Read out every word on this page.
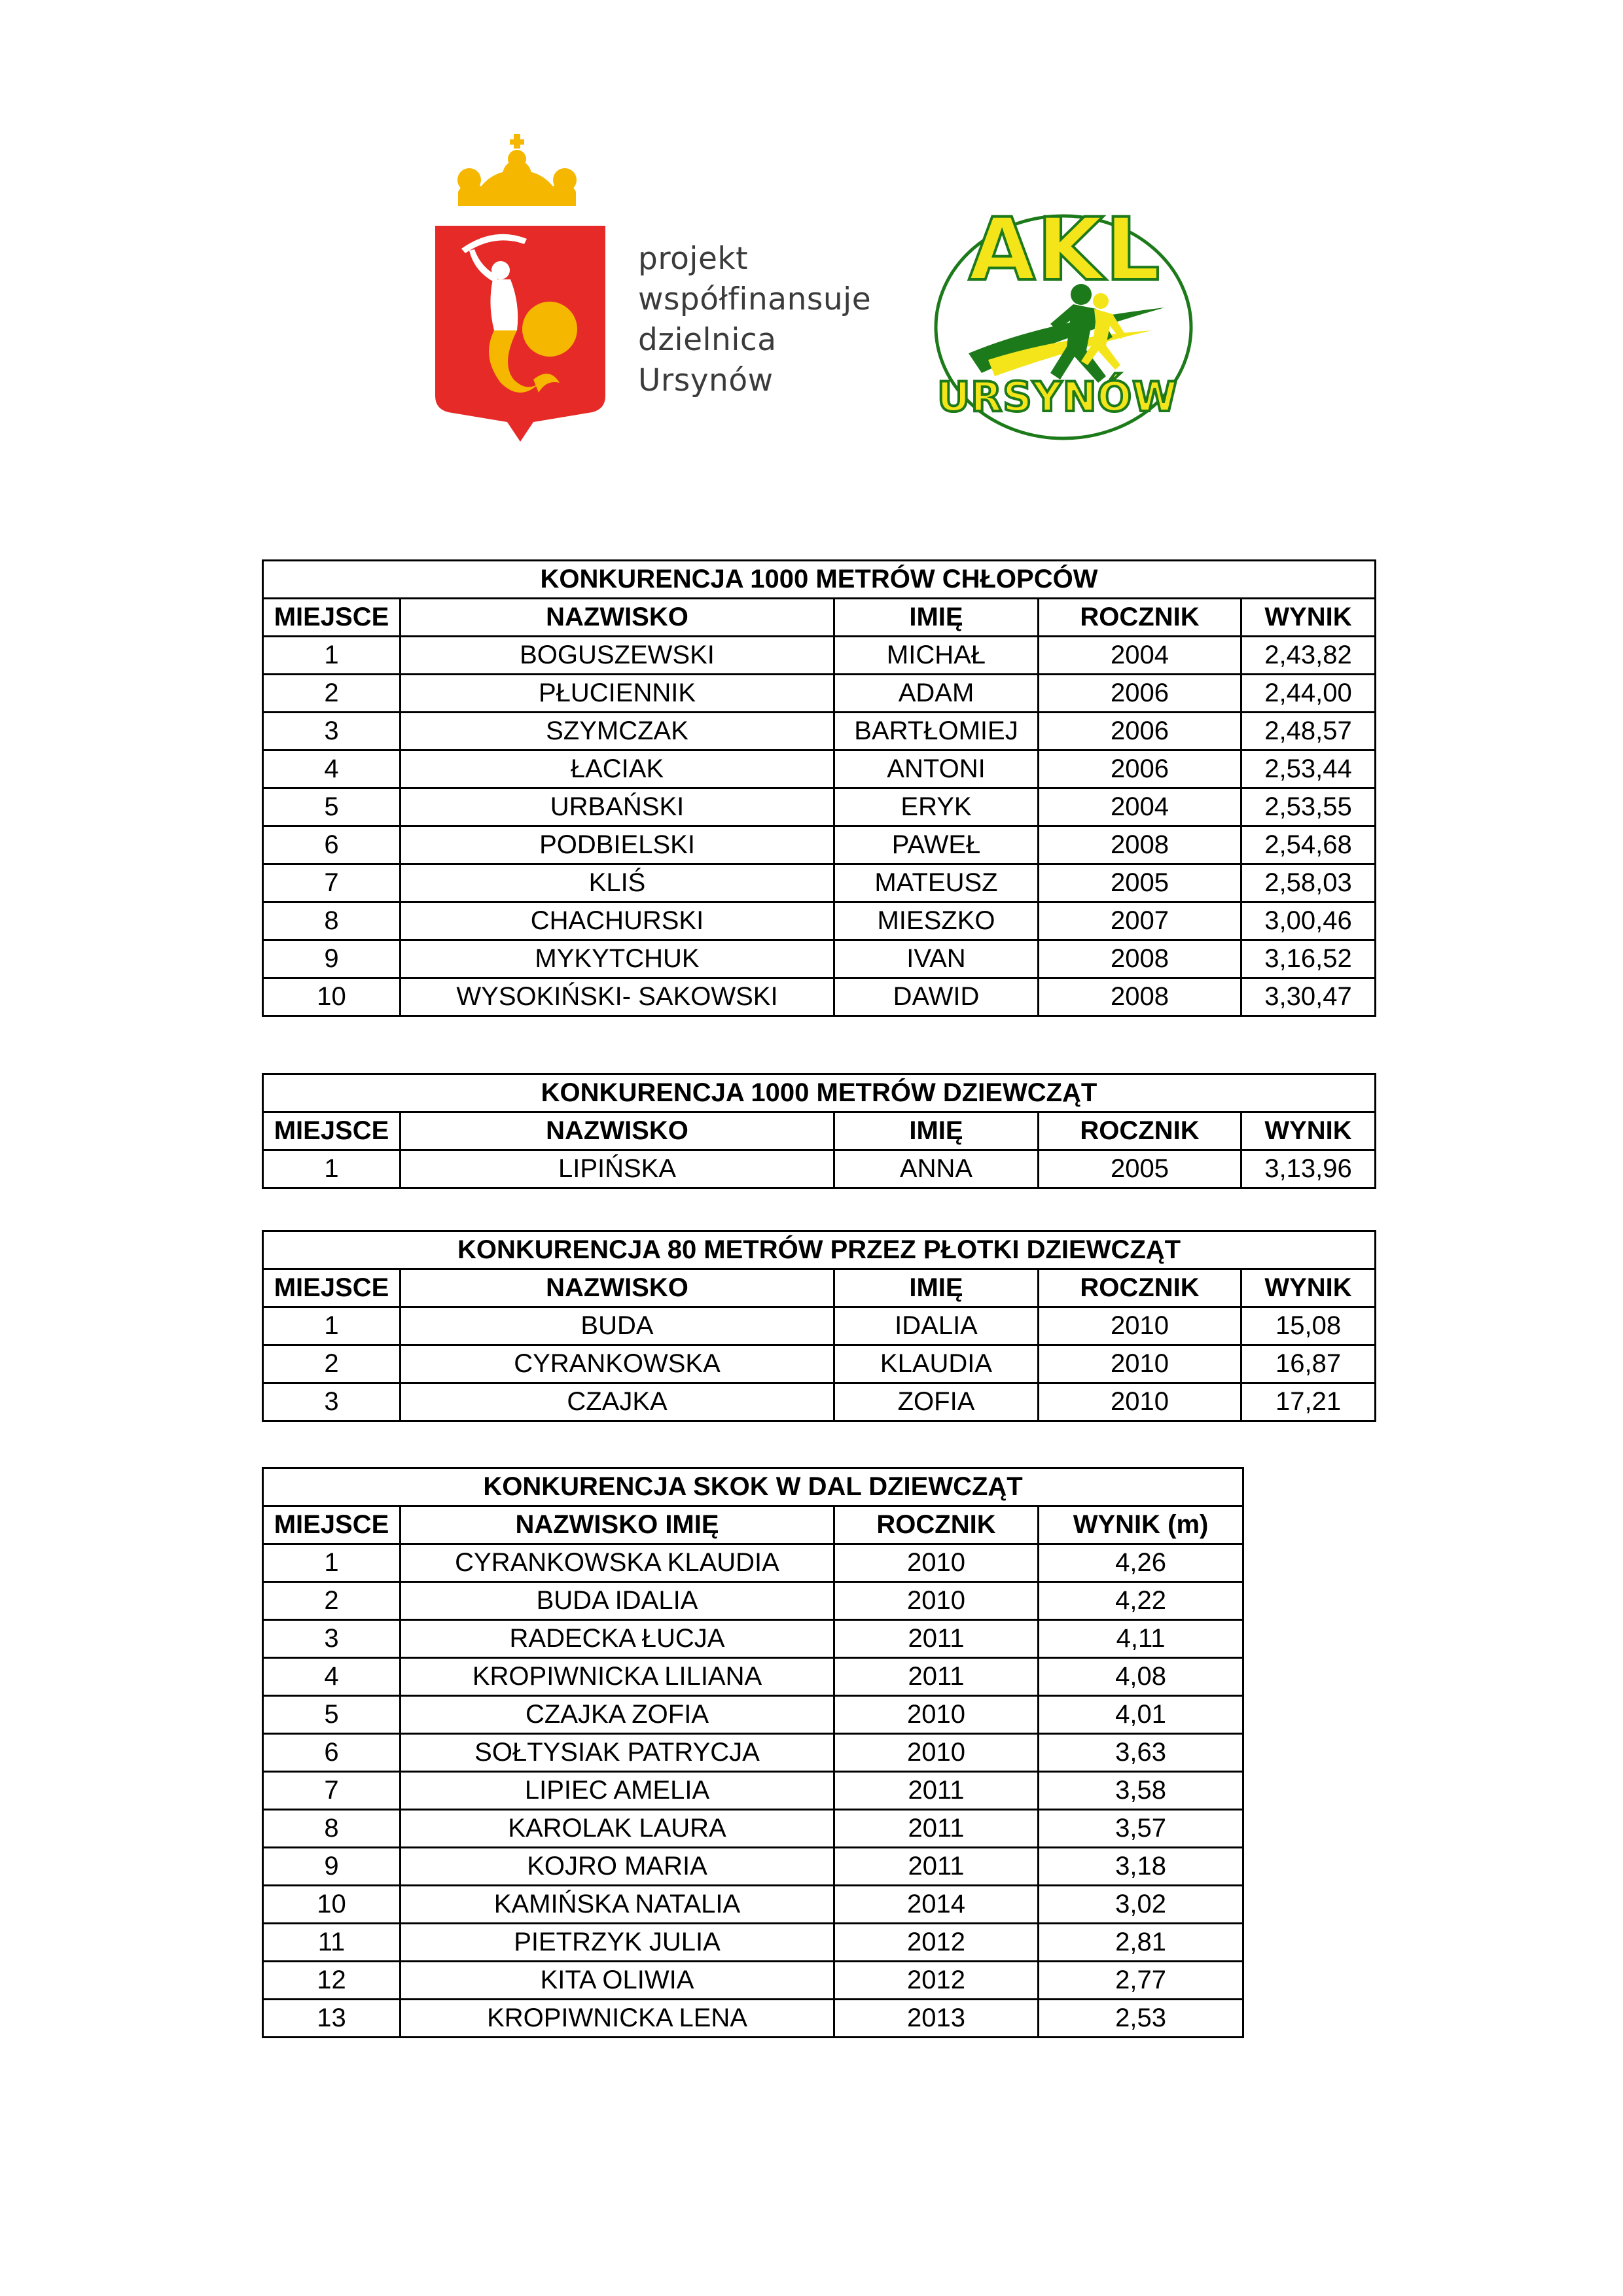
projekt
współfinansuje
dzielnica
Ursynów
AKL
URSYNÓW
KONKURENCJA 1000 METRÓW CHŁOPCÓW				
MIEJSCE	NAZWISKO	IMIĘ	ROCZNIK	WYNIK
1	BOGUSZEWSKI	MICHAŁ	2004	2,43,82
2	PŁUCIENNIK	ADAM	2006	2,44,00
3	SZYMCZAK	BARTŁOMIEJ	2006	2,48,57
4	ŁACIAK	ANTONI	2006	2,53,44
5	URBAŃSKI	ERYK	2004	2,53,55
6	PODBIELSKI	PAWEŁ	2008	2,54,68
7	KLIŚ	MATEUSZ	2005	2,58,03
8	CHACHURSKI	MIESZKO	2007	3,00,46
9	MYKYTCHUK	IVAN	2008	3,16,52
10	WYSOKIŃSKI- SAKOWSKI	DAWID	2008	3,30,47
KONKURENCJA 1000 METRÓW DZIEWCZĄT				
MIEJSCE	NAZWISKO	IMIĘ	ROCZNIK	WYNIK
1	LIPIŃSKA	ANNA	2005	3,13,96
KONKURENCJA 80 METRÓW PRZEZ PŁOTKI DZIEWCZĄT				
MIEJSCE	NAZWISKO	IMIĘ	ROCZNIK	WYNIK
1	BUDA	IDALIA	2010	15,08
2	CYRANKOWSKA	KLAUDIA	2010	16,87
3	CZAJKA	ZOFIA	2010	17,21
KONKURENCJA SKOK W DAL DZIEWCZĄT			
MIEJSCE	NAZWISKO IMIĘ	ROCZNIK	WYNIK (m)
1	CYRANKOWSKA KLAUDIA	2010	4,26
2	BUDA IDALIA	2010	4,22
3	RADECKA ŁUCJA	2011	4,11
4	KROPIWNICKA LILIANA	2011	4,08
5	CZAJKA ZOFIA	2010	4,01
6	SOŁTYSIAK PATRYCJA	2010	3,63
7	LIPIEC AMELIA	2011	3,58
8	KAROLAK LAURA	2011	3,57
9	KOJRO MARIA	2011	3,18
10	KAMIŃSKA NATALIA	2014	3,02
11	PIETRZYK JULIA	2012	2,81
12	KITA OLIWIA	2012	2,77
13	KROPIWNICKA LENA	2013	2,53
